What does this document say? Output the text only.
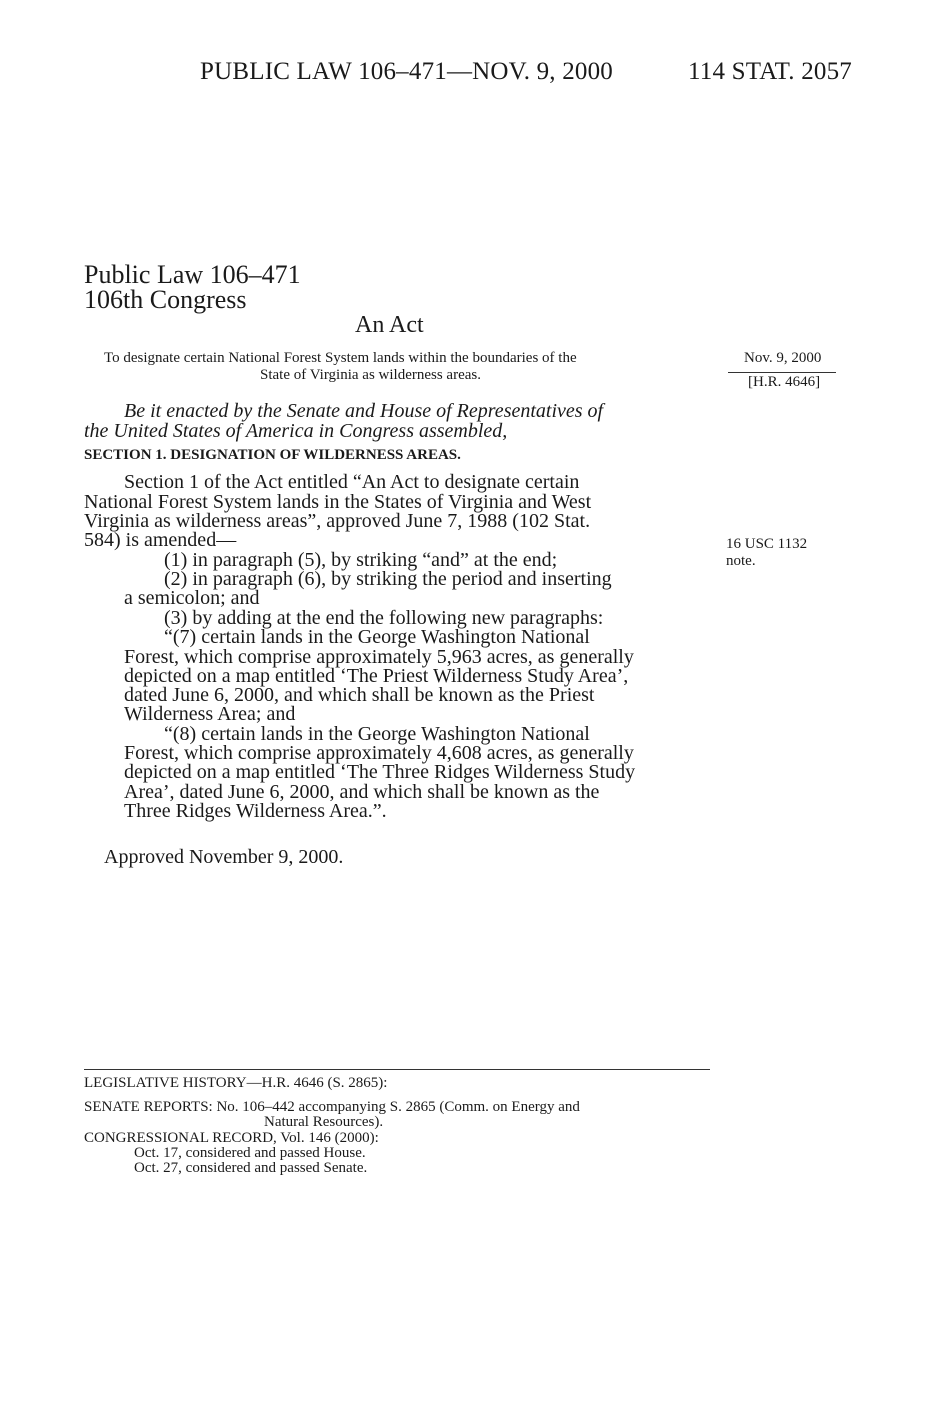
PUBLIC LAW 106–471—NOV. 9, 2000	114 STAT. 2057
Public Law 106–471
106th Congress
An Act
To designate certain National Forest System lands within the boundaries of the
State of Virginia as wilderness areas.
Nov. 9, 2000
[H.R. 4646]
16 USC 1132
note.
Be it enacted by the Senate and House of Representatives of
the United States of America in Congress assembled,
SECTION 1. DESIGNATION OF WILDERNESS AREAS.
Section 1 of the Act entitled “An Act to designate certain
National Forest System lands in the States of Virginia and West
Virginia as wilderness areas”, approved June 7, 1988 (102 Stat.
584) is amended—
(1) in paragraph (5), by striking “and” at the end;
(2) in paragraph (6), by striking the period and inserting
a semicolon; and
(3) by adding at the end the following new paragraphs:
“(7) certain lands in the George Washington National
Forest, which comprise approximately 5,963 acres, as generally
depicted on a map entitled ‘The Priest Wilderness Study Area’,
dated June 6, 2000, and which shall be known as the Priest
Wilderness Area; and
“(8) certain lands in the George Washington National
Forest, which comprise approximately 4,608 acres, as generally
depicted on a map entitled ‘The Three Ridges Wilderness Study
Area’, dated June 6, 2000, and which shall be known as the
Three Ridges Wilderness Area.”.
Approved November 9, 2000.
LEGISLATIVE HISTORY—H.R. 4646 (S. 2865):
SENATE REPORTS: No. 106–442 accompanying S. 2865 (Comm. on Energy and
Natural Resources).
CONGRESSIONAL RECORD, Vol. 146 (2000):
Oct. 17, considered and passed House.
Oct. 27, considered and passed Senate.
